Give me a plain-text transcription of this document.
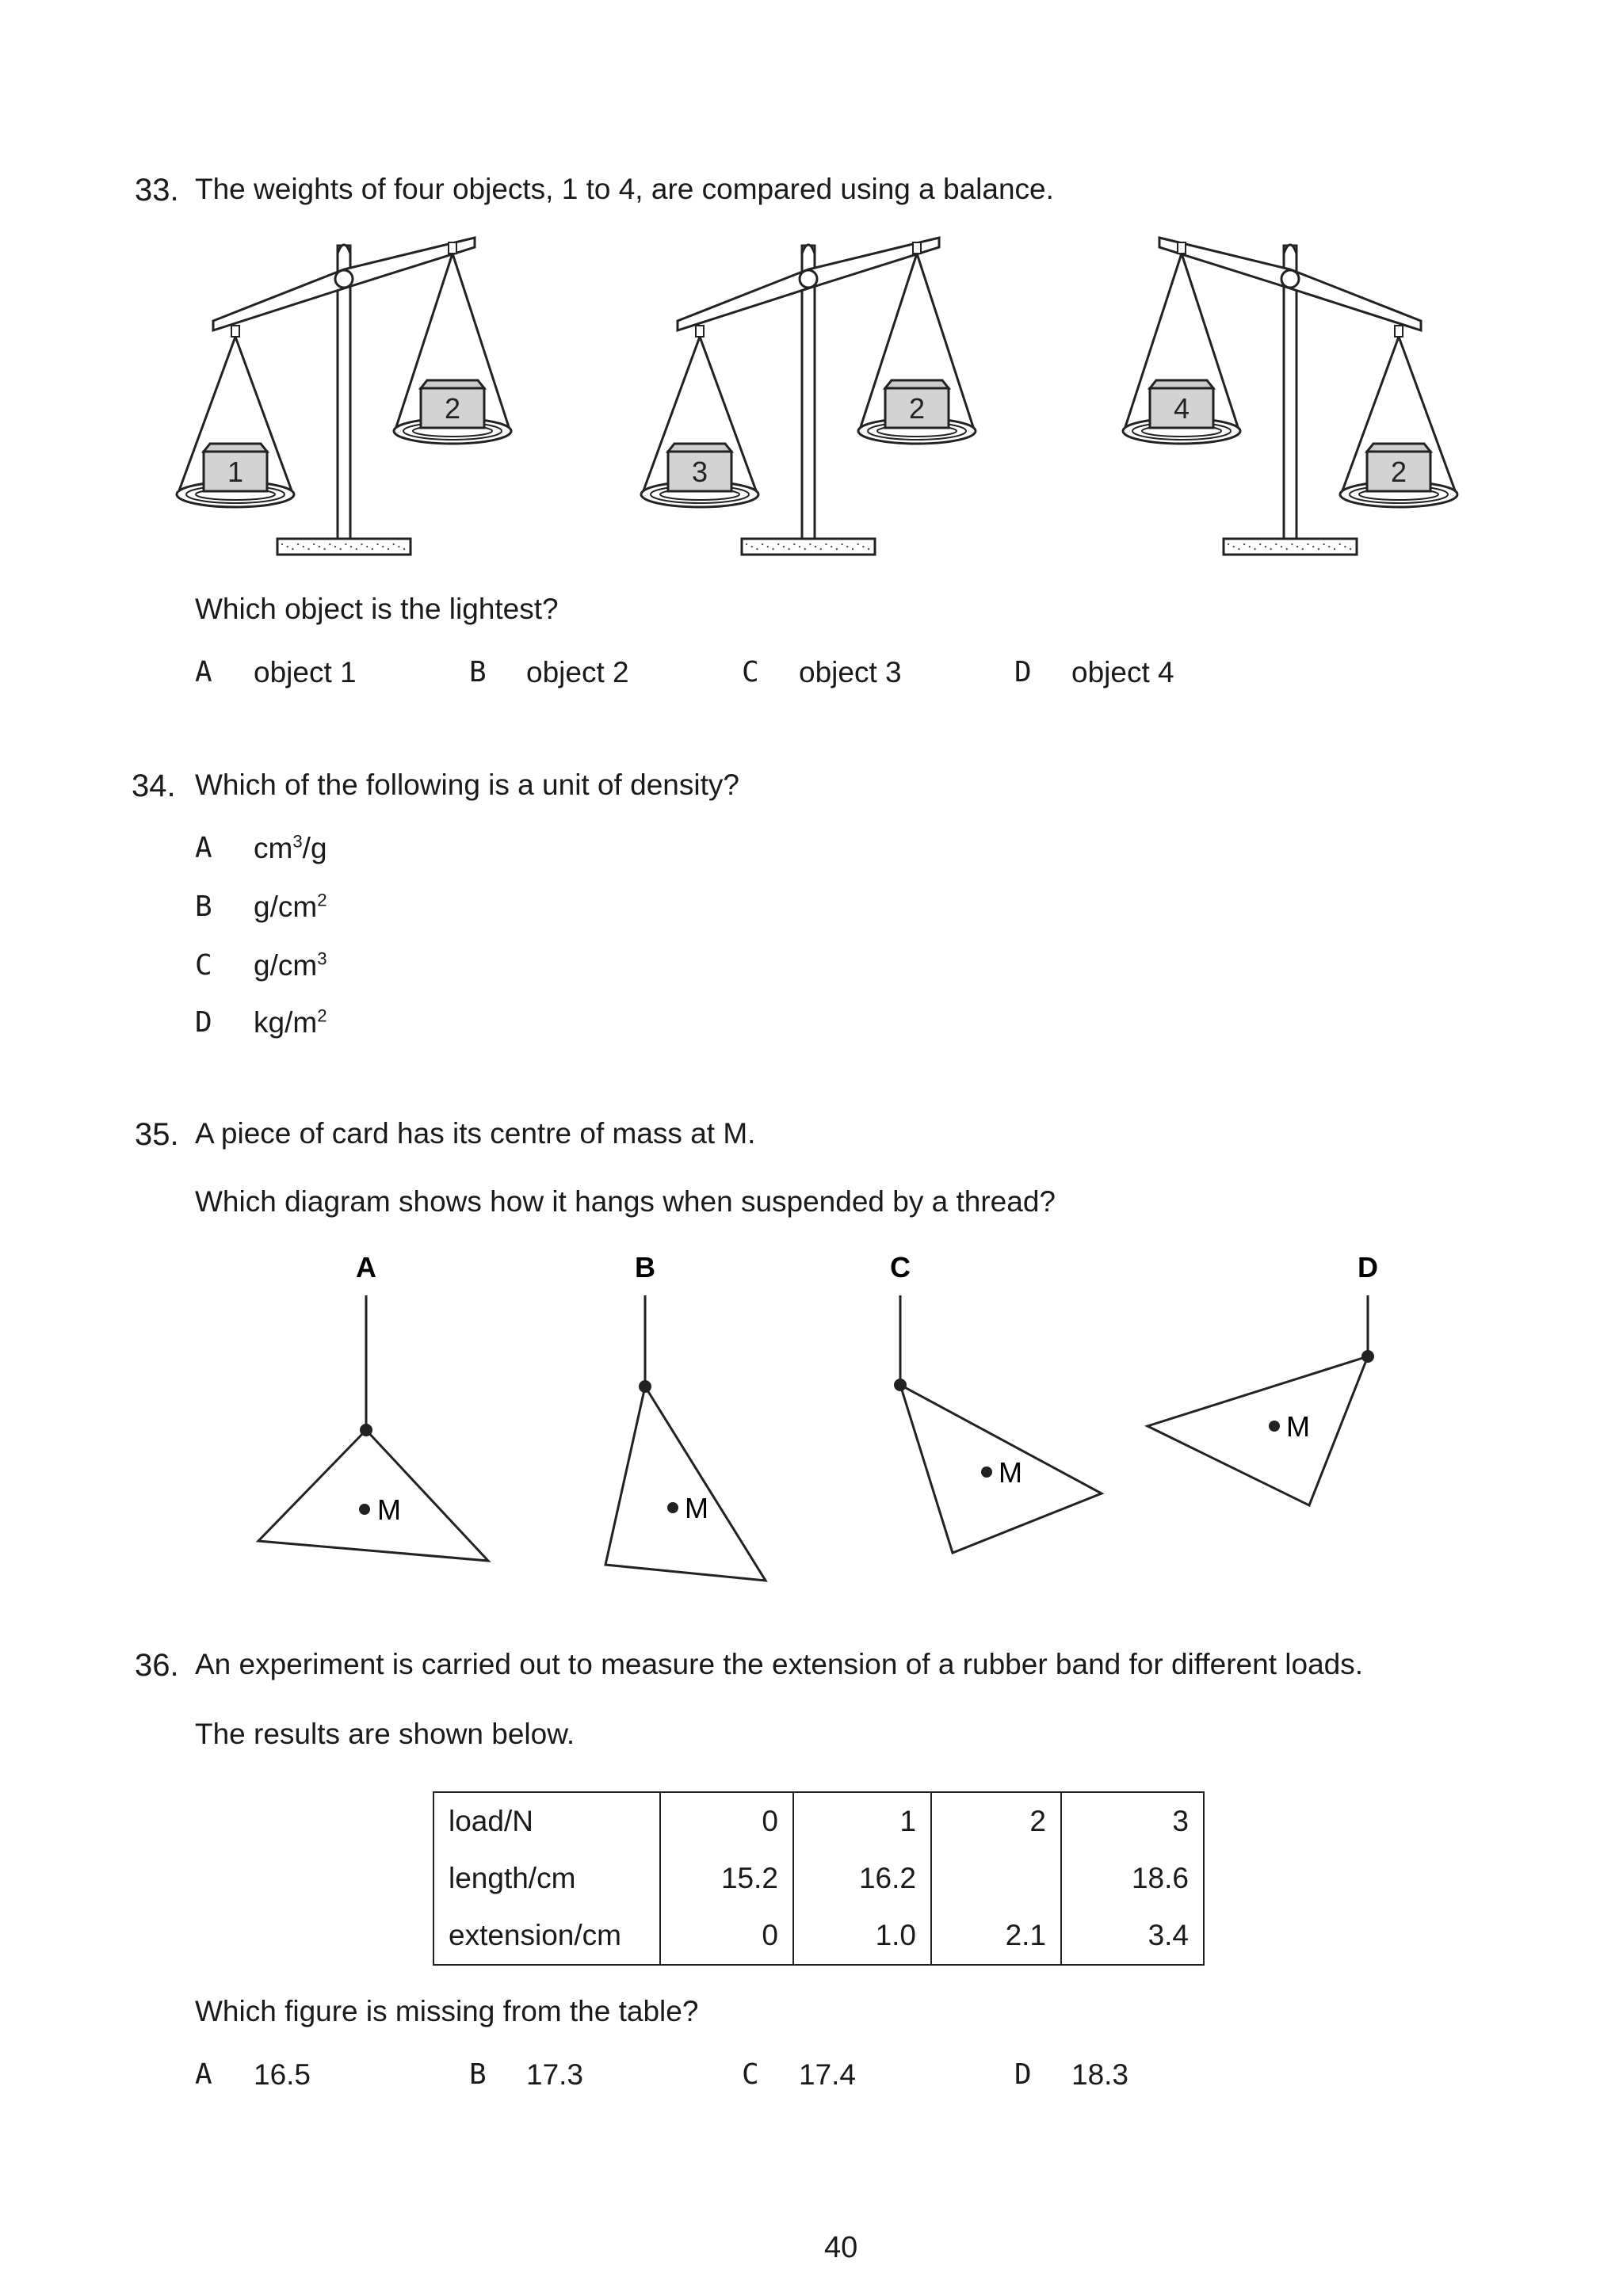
33. The weights of four objects, 1 to 4, are compared using a balance.
1
2
3
2	4
2
Which object is the lightest?
A object 1	B object 2	C object 3	D object 4
34. Which of the following is a unit of density?
A $cm^3/g$
B $g/cm^2$
C $g/cm^3$
D $kg/m^2$
35. A piece of card has its centre of mass at M.
Which diagram shows how it hangs when suspended by a thread?
A
M
B
M
C
M
D
M
36. An experiment is carried out to measure the extension of a rubber band for different loads.
The results are shown below.
load/N	0	1	2	3
length/cm	15.2	16.2		18.6
extension/cm	0	1.0	2.1	3.4
Which figure is missing from the table?
A 16.5	B 17.3	C 17.4	D 18.3
40
